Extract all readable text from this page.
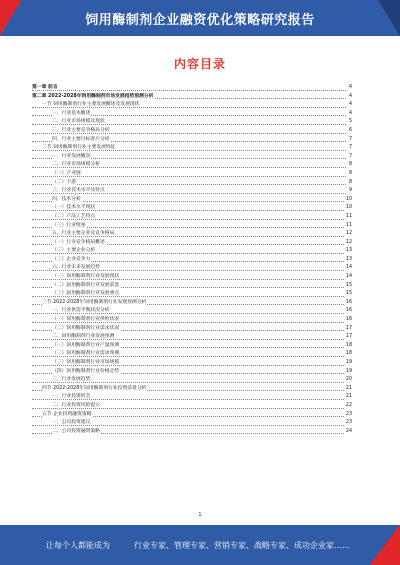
饲用酶制剂企业融资优化策略研究报告
内容目录
第一章 前言	4
第二章 2022-2028年饲用酶制剂市场发展趋势预测分析	4
一节 饲用酶制剂行业主要发展概述及发展现状	4
一、行业基本概述	4
二、行业市场规模及现状	5
三、行业主要竞争格局分析	6
四、行业主要目标客户分析	7
二节 饲用酶制剂行业主要发展特征	7
一、行业发展概况	7
二、行业市场规模分析	8
（一）产业链	8
（二）下游	8
三、行业技术水平及特点	9
四、技术分析	10
（一）技术水平现状	10
（二）产品工艺特点	11
（三）行业壁垒	11
五、行业主要企业及竞争格局	12
（一）行业竞争格局概述	12
（二）主要企业分析	13
（三）企业竞争力	13
六、行业未来发展趋势	14
（一）饲用酶制剂行业发展现状	14
（二）饲用酶制剂行业发展前景	15
（三）饲用酶制剂行业发展重点	15
三节 2022-2028年饲用酶制剂行业发展预测分析	16
一、行业供需平衡状况分析	16
（一）饲用酶制剂行业供给状况	16
（二）饲用酶制剂行业需求状况	17
二、饲用酶制剂行业发展预测	17
（一）饲用酶制剂行业产量预测	18
（二）饲用酶制剂行业需求预测	18
（三）饲用酶制剂行业市场规模	19
（四）饲用酶制剂行业价格走势	19
三、行业发展趋势	20
四节 2022-2028年饲用酶制剂行业投资前景分析	21
一、行业投资机会	21
二、行业投资风险提示	22
五节 企业投资融资策略	23
一、公司投资建议	23
二、公司投资融资策略	24
1
让每个人都能成为	行业专家、管理专家、营销专家、战略专家、成功企业家……
